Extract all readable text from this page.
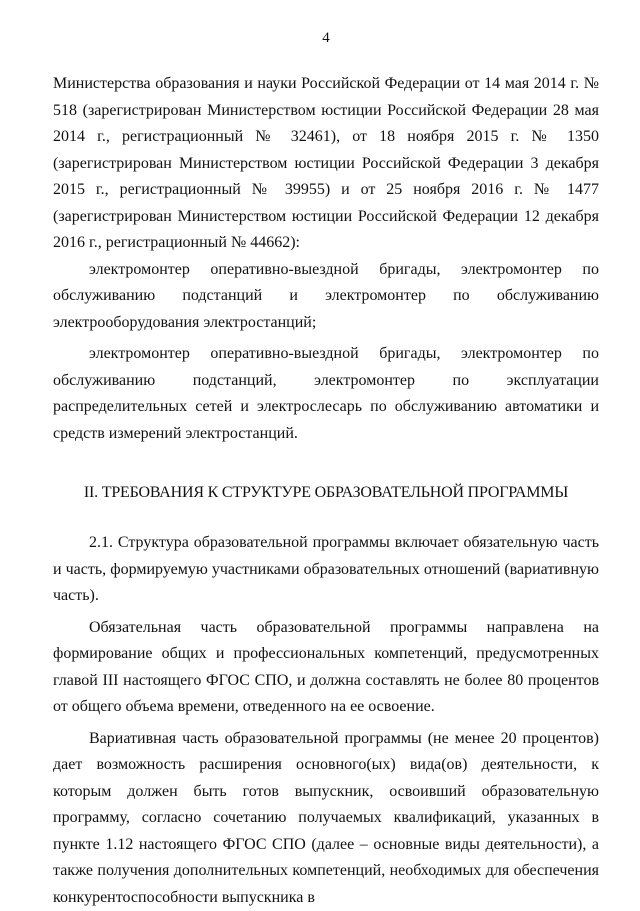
4

Министерства образования и науки Российской Федерации от 14 мая 2014 г. № 518 (зарегистрирован Министерством юстиции Российской Федерации 28 мая 2014 г., регистрационный № 32461), от 18 ноября 2015 г. № 1350 (зарегистрирован Министерством юстиции Российской Федерации 3 декабря 2015 г., регистрационный № 39955) и от 25 ноября 2016 г. № 1477 (зарегистрирован Министерством юстиции Российской Федерации 12 декабря 2016 г., регистрационный № 44662):

электромонтер оперативно-выездной бригады, электромонтер по обслуживанию подстанций и электромонтер по обслуживанию электрооборудования электростанций;

электромонтер оперативно-выездной бригады, электромонтер по обслуживанию подстанций, электромонтер по эксплуатации распределительных сетей и электрослесарь по обслуживанию автоматики и средств измерений электростанций.

II. ТРЕБОВАНИЯ К СТРУКТУРЕ ОБРАЗОВАТЕЛЬНОЙ ПРОГРАММЫ

2.1. Структура образовательной программы включает обязательную часть и часть, формируемую участниками образовательных отношений (вариативную часть).

Обязательная часть образовательной программы направлена на формирование общих и профессиональных компетенций, предусмотренных главой III настоящего ФГОС СПО, и должна составлять не более 80 процентов от общего объема времени, отведенного на ее освоение.

Вариативная часть образовательной программы (не менее 20 процентов) дает возможность расширения основного(ых) вида(ов) деятельности, к которым должен быть готов выпускник, освоивший образовательную программу, согласно сочетанию получаемых квалификаций, указанных в пункте 1.12 настоящего ФГОС СПО (далее – основные виды деятельности), а также получения дополнительных компетенций, необходимых для обеспечения конкурентоспособности выпускника в
